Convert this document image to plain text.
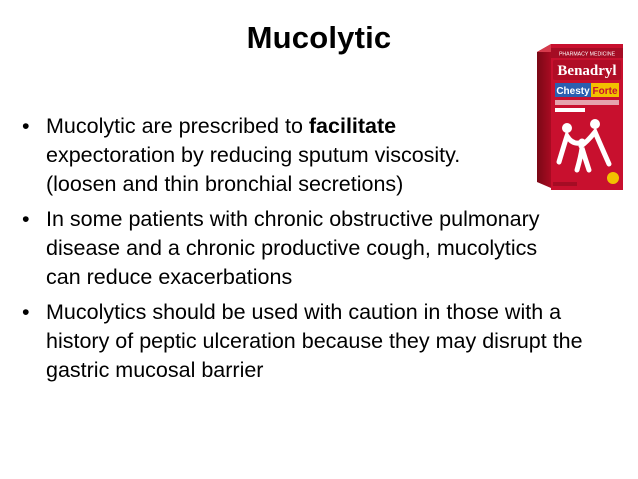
Mucolytic
• Mucolytic are prescribed to facilitate expectoration by reducing sputum viscosity. (loosen and thin bronchial secretions)
• In some patients with chronic obstructive pulmonary disease and a chronic productive cough, mucolytics can reduce exacerbations
• Mucolytics should be used with caution in those with a history of peptic ulceration because they may disrupt the gastric mucosal barrier
PHARMACY MEDICINE
Benadryl
Chesty Forte
